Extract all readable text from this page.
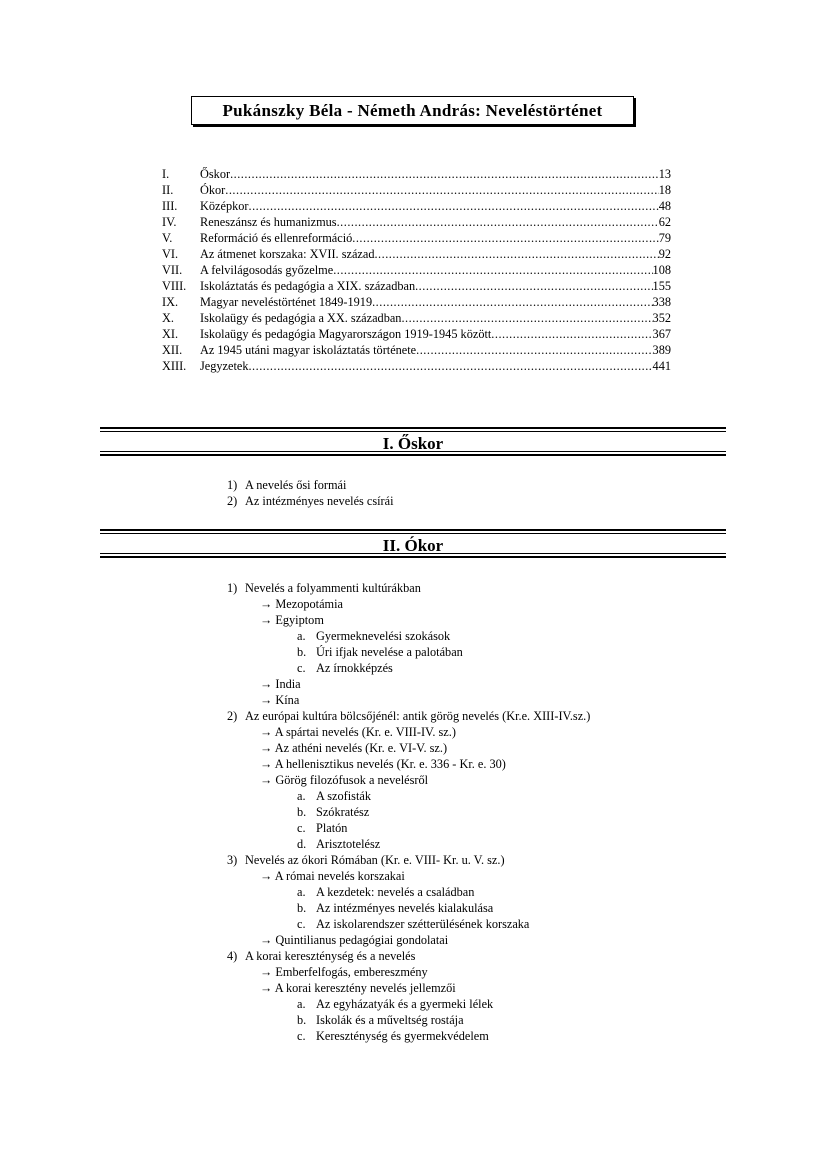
Pukánszky Béla - Németh András: Neveléstörténet
I.	Őskor .....	13
II.	Ókor .....	18
III.	Középkor .....	48
IV.	Reneszánsz és humanizmus .....	62
V.	Reformáció és ellenreformáció .....	79
VI.	Az átmenet korszaka: XVII. század .....	92
VII.	A felvilágosodás győzelme .....	108
VIII.	Iskoláztatás és pedagógia a XIX. században .....	155
IX.	Magyar neveléstörténet 1849-1919 .....	338
X.	Iskolaügy és pedagógia a XX. században .....	352
XI.	Iskolaügy és pedagógia Magyarországon 1919-1945 között .....	367
XII.	Az 1945 utáni magyar iskoláztatás története .....	389
XIII.	Jegyzetek .....	441
I. Őskor
1) A nevelés ősi formái
2) Az intézményes nevelés csírái
II. Ókor
1) Nevelés a folyammenti kultúrákban
→ Mezopotámia
→ Egyiptom
a. Gyermeknevelési szokások
b. Úri ifjak nevelése a palotában
c. Az írnokképzés
→ India
→ Kína
2) Az európai kultúra bölcsőjénél: antik görög nevelés (Kr.e. XIII-IV.sz.)
→ A spártai nevelés (Kr. e. VIII-IV. sz.)
→ Az athéni nevelés (Kr. e. VI-V. sz.)
→ A hellenisztikus nevelés (Kr. e. 336 - Kr. e. 30)
→ Görög filozófusok a nevelésről
a. A szofisták
b. Szókratész
c. Platón
d. Arisztotelész
3) Nevelés az ókori Rómában (Kr. e. VIII- Kr. u. V. sz.)
→ A római nevelés korszakai
a. A kezdetek: nevelés a családban
b. Az intézményes nevelés kialakulása
c. Az iskolarendszer szétterülésének korszaka
→ Quintilianus pedagógiai gondolatai
4) A korai kereszténység és a nevelés
→ Emberfelfogás, embereszmény
→ A korai keresztény nevelés jellemzői
a. Az egyházatyák és a gyermeki lélek
b. Iskolák és a műveltség rostája
c. Kereszténység és gyermekvédelem
